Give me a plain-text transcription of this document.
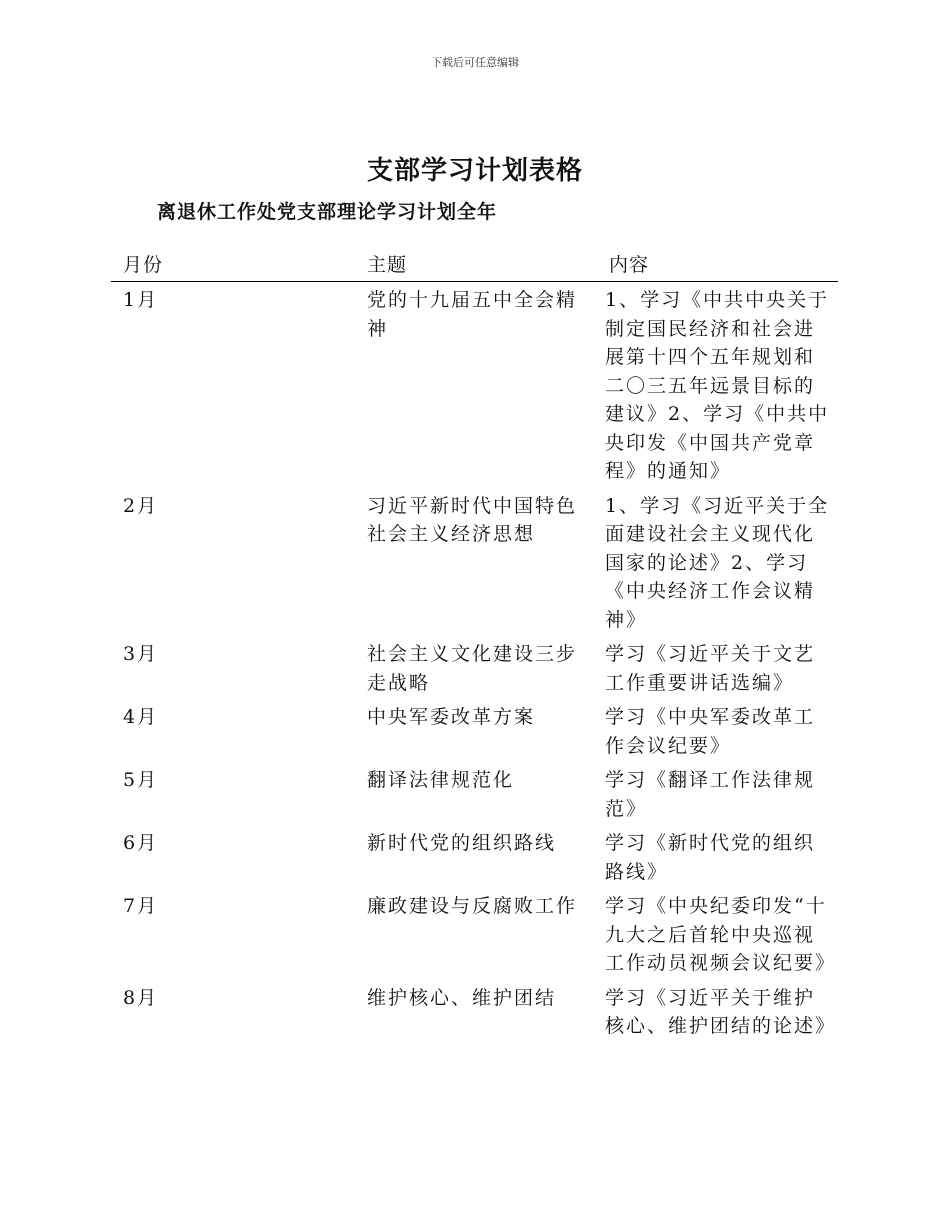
下载后可任意编辑
支部学习计划表格
离退休工作处党支部理论学习计划全年
月份	主题	内容
1月	党的十九届五中全会精神	1、学习《中共中央关于制定国民经济和社会进展第十四个五年规划和二〇三五年远景目标的建议》2、学习《中共中央印发《中国共产党章程》的通知》
2月	习近平新时代中国特色社会主义经济思想	1、学习《习近平关于全面建设社会主义现代化国家的论述》2、学习《中央经济工作会议精神》
3月	社会主义文化建设三步走战略	学习《习近平关于文艺工作重要讲话选编》
4月	中央军委改革方案	学习《中央军委改革工作会议纪要》
5月	翻译法律规范化	学习《翻译工作法律规范》
6月	新时代党的组织路线	学习《新时代党的组织路线》
7月	廉政建设与反腐败工作	学习《中央纪委印发“十九大之后首轮中央巡视工作动员视频会议纪要》
8月	维护核心、维护团结	学习《习近平关于维护核心、维护团结的论述》
